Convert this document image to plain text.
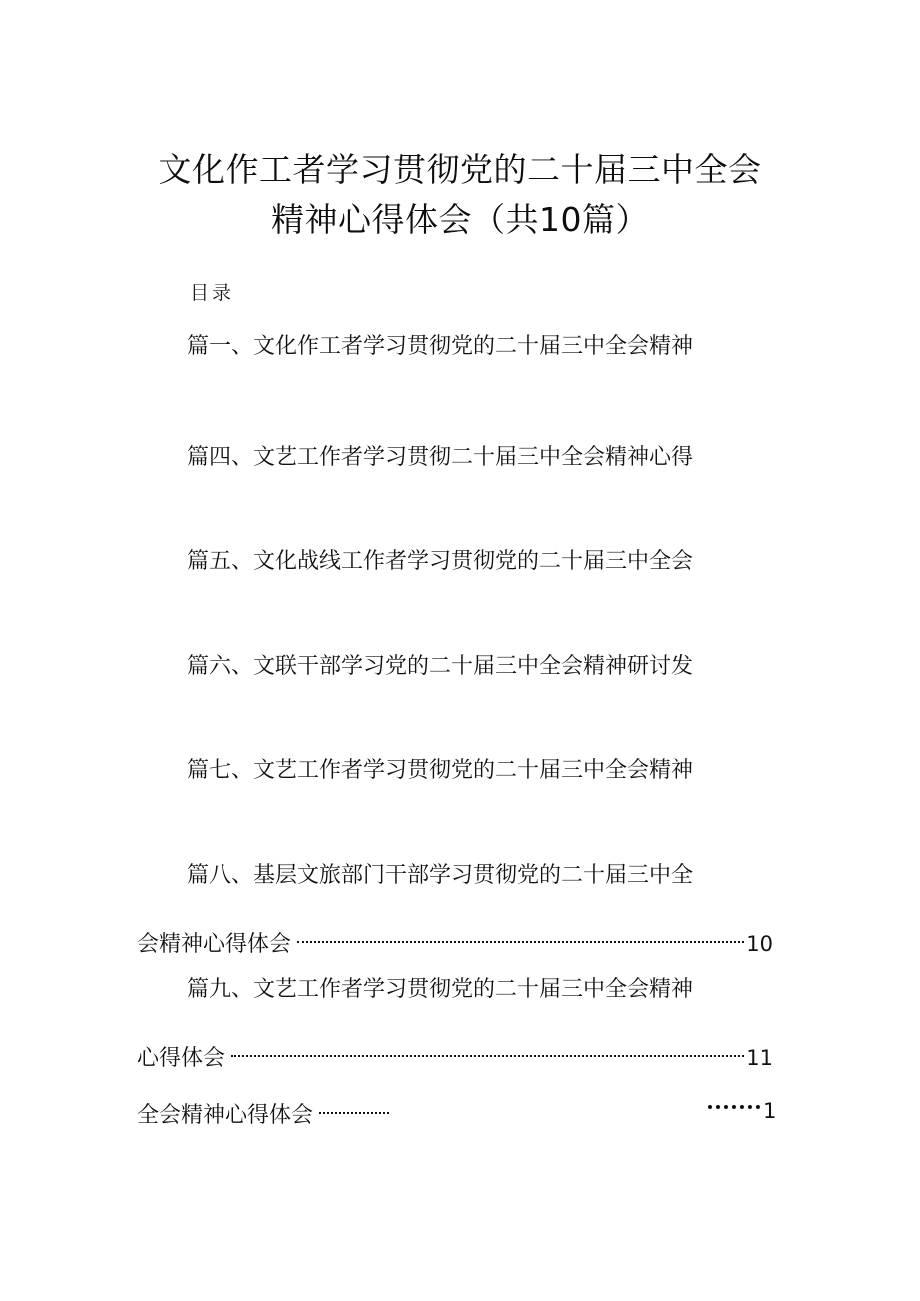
文化作工者学习贯彻党的二十届三中全会
精神心得体会（共10篇）
目录
篇一、文化作工者学习贯彻党的二十届三中全会精神
篇四、文艺工作者学习贯彻二十届三中全会精神心得
篇五、文化战线工作者学习贯彻党的二十届三中全会
篇六、文联干部学习党的二十届三中全会精神研讨发
篇七、文艺工作者学习贯彻党的二十届三中全会精神
篇八、基层文旅部门干部学习贯彻党的二十届三中全
会精神心得体会	10
篇九、文艺工作者学习贯彻党的二十届三中全会精神
心得体会	11
全会精神心得体会	1
